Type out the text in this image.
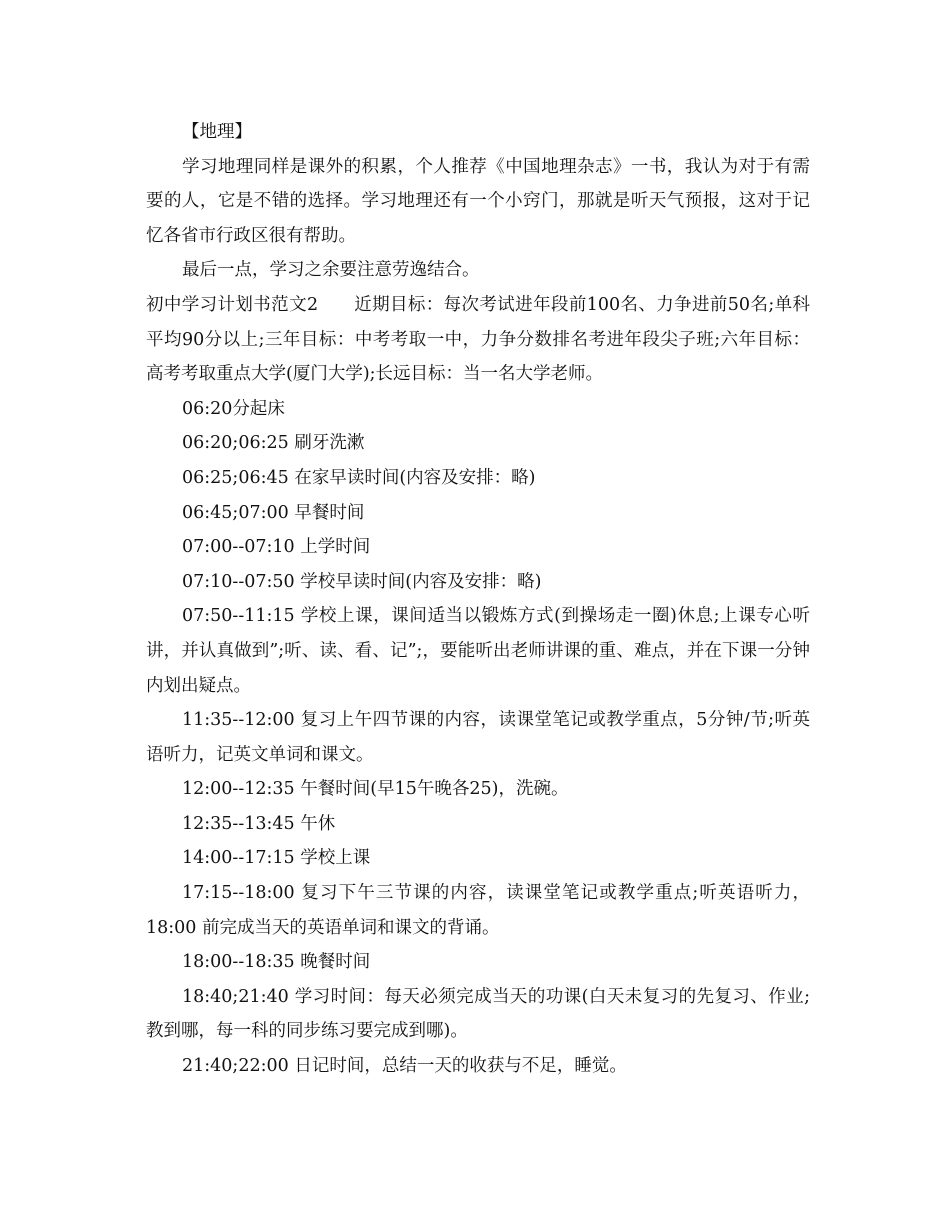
【地理】

学习地理同样是课外的积累，个人推荐《中国地理杂志》一书，我认为对于有需要的人，它是不错的选择。学习地理还有一个小窍门，那就是听天气预报，这对于记忆各省市行政区很有帮助。

最后一点，学习之余要注意劳逸结合。

初中学习计划书范文2　　近期目标：每次考试进年段前100名、力争进前50名;单科平均90分以上;三年目标：中考考取一中，力争分数排名考进年段尖子班;六年目标：高考考取重点大学(厦门大学);长远目标：当一名大学老师。

06:20分起床

06:20;06:25 刷牙洗漱

06:25;06:45 在家早读时间(内容及安排：略)

06:45;07:00 早餐时间

07:00--07:10 上学时间

07:10--07:50 学校早读时间(内容及安排：略)

07:50--11:15 学校上课，课间适当以锻炼方式(到操场走一圈)休息;上课专心听讲，并认真做到”;听、读、看、记”;，要能听出老师讲课的重、难点，并在下课一分钟内划出疑点。

11:35--12:00 复习上午四节课的内容，读课堂笔记或教学重点，5分钟/节;听英语听力，记英文单词和课文。

12:00--12:35 午餐时间(早15午晚各25)，洗碗。

12:35--13:45 午休

14:00--17:15 学校上课

17:15--18:00 复习下午三节课的内容，读课堂笔记或教学重点;听英语听力，18:00 前完成当天的英语单词和课文的背诵。

18:00--18:35 晚餐时间

18:40;21:40 学习时间：每天必须完成当天的功课(白天未复习的先复习、作业;教到哪，每一科的同步练习要完成到哪)。

21:40;22:00 日记时间，总结一天的收获与不足，睡觉。
